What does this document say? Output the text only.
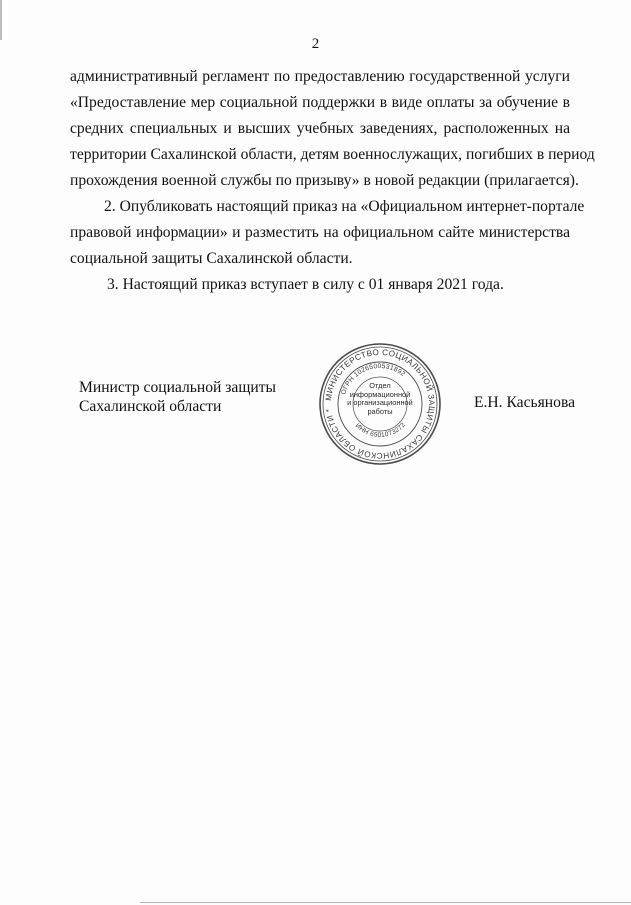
2

административный регламент по предоставлению государственной услуги
«Предоставление мер социальной поддержки в виде оплаты за обучение в
средних специальных и высших учебных заведениях, расположенных на
территории Сахалинской области, детям военнослужащих, погибших в период
прохождения военной службы по призыву» в новой редакции (прилагается).

2. Опубликовать настоящий приказ на «Официальном интернет-портале
правовой информации» и разместить на официальном сайте министерства
социальной защиты Сахалинской области.

3. Настоящий приказ вступает в силу с 01 января 2021 года.

Министр социальной защиты
Сахалинской области
МИНИСТЕРСТВО СОЦИАЛЬНОЙ ЗАЩИТЫ САХАЛИНСКОЙ ОБЛАСТИ *
ОГРН 1026500531892
ИНН 6501073272
Отдел
информационной
и организационной
работы
Е.Н. Касьянова
